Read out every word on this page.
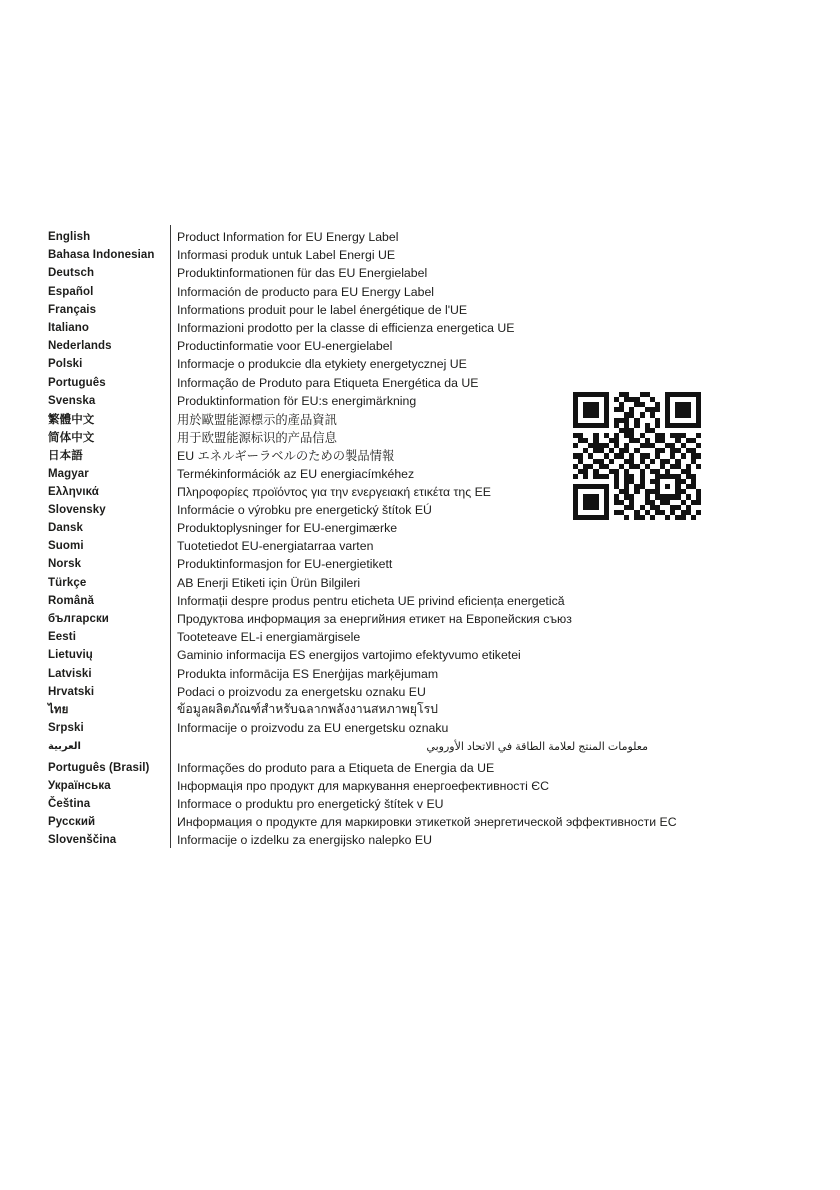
English	Product Information for EU Energy Label
Bahasa Indonesian	Informasi produk untuk Label Energi UE
Deutsch	Produktinformationen für das EU Energielabel
Español	Información de producto para EU Energy Label
Français	Informations produit pour le label énergétique de l'UE
Italiano	Informazioni prodotto per la classe di efficienza energetica UE
Nederlands	Productinformatie voor EU-energielabel
Polski	Informacje o produkcie dla etykiety energetycznej UE
Português	Informação de Produto para Etiqueta Energética da UE
Svenska	Produktinformation för EU:s energimärkning
繁體中文	用於歐盟能源標示的產品資訊
简体中文	用于欧盟能源标识的产品信息
日本語	EU エネルギーラベルのための製品情報
Magyar	Termékinformációk az EU energiacímkéhez
Ελληνικά	Πληροφορίες προϊόντος για την ενεργειακή ετικέτα της ΕΕ
Slovensky	Informácie o výrobku pre energetický štítok EÚ
Dansk	Produktoplysninger for EU-energimærke
Suomi	Tuotetiedot EU-energiatarraa varten
Norsk	Produktinformasjon for EU-energietikett
Türkçe	AB Enerji Etiketi için Ürün Bilgileri
Română	Informații despre produs pentru eticheta UE privind eficiența energetică
български	Продуктова информация за енергийния етикет на Европейския съюз
Eesti	Tooteteave EL-i energiamärgisele
Lietuvių	Gaminio informacija ES energijos vartojimo efektyvumo etiketei
Latviski	Produkta informācija ES Enerģijas marķējumam
Hrvatski	Podaci o proizvodu za energetsku oznaku EU
ไทย	ข้อมูลผลิตภัณฑ์สำหรับฉลากพลังงานสหภาพยุโรป
Srpski	Informacije o proizvodu za EU energetsku oznaku
العربية	معلومات المنتج لعلامة الطاقة في الاتحاد الأوروبي
Português (Brasil)	Informações do produto para a Etiqueta de Energia da UE
Українська	Інформація про продукт для маркування енергоефективності ЄС
Čeština	Informace o produktu pro energetický štítek v EU
Русский	Информация о продукте для маркировки этикеткой энергетической эффективности ЕС
Slovenščina	Informacije o izdelku za energijsko nalepko EU
